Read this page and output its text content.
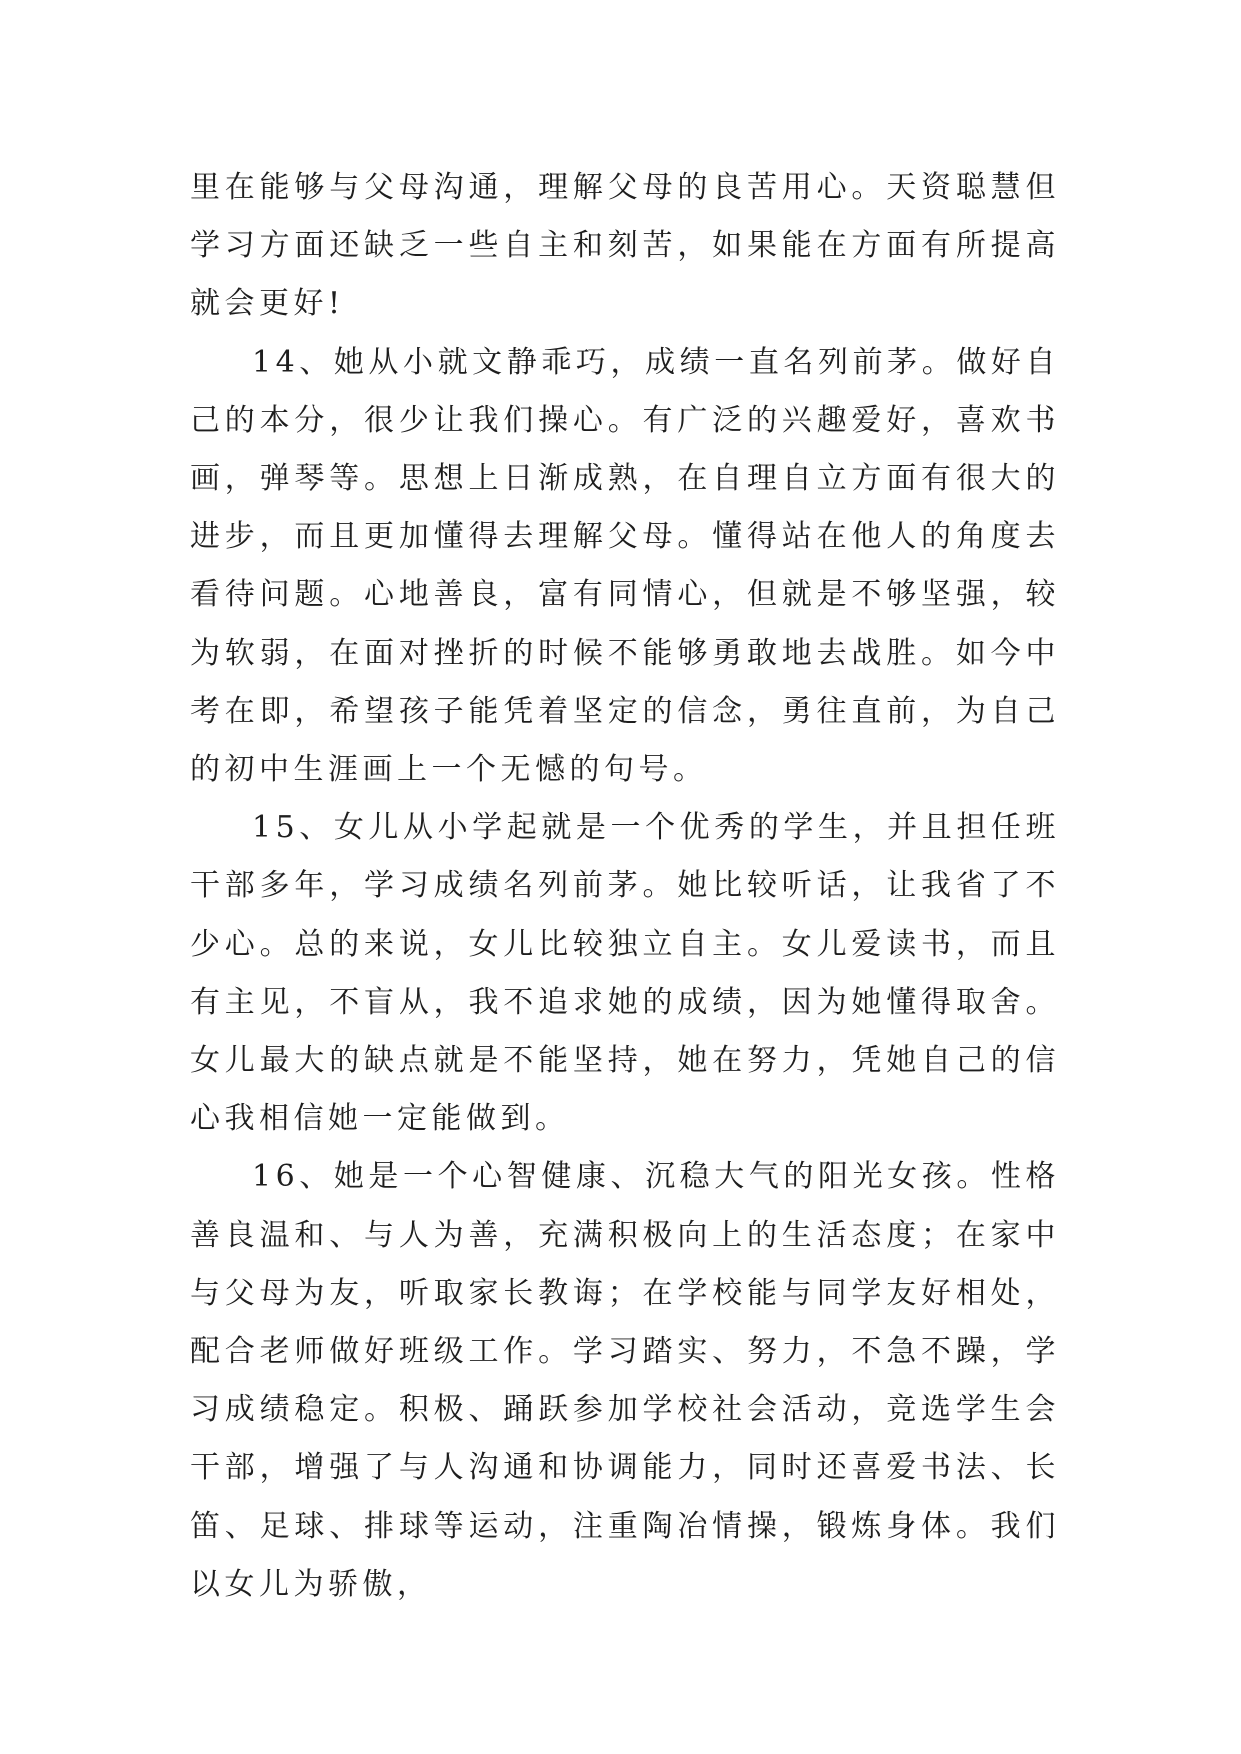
里在能够与父母沟通，理解父母的良苦用心。天资聪慧但学习方面还缺乏一些自主和刻苦，如果能在方面有所提高就会更好!

14、她从小就文静乖巧，成绩一直名列前茅。做好自己的本分，很少让我们操心。有广泛的兴趣爱好，喜欢书画，弹琴等。思想上日渐成熟，在自理自立方面有很大的进步，而且更加懂得去理解父母。懂得站在他人的角度去看待问题。心地善良，富有同情心，但就是不够坚强，较为软弱，在面对挫折的时候不能够勇敢地去战胜。如今中考在即，希望孩子能凭着坚定的信念，勇往直前，为自己的初中生涯画上一个无憾的句号。

15、女儿从小学起就是一个优秀的学生，并且担任班干部多年，学习成绩名列前茅。她比较听话，让我省了不少心。总的来说，女儿比较独立自主。女儿爱读书，而且有主见，不盲从，我不追求她的成绩，因为她懂得取舍。女儿最大的缺点就是不能坚持，她在努力，凭她自己的信心我相信她一定能做到。

16、她是一个心智健康、沉稳大气的阳光女孩。性格善良温和、与人为善，充满积极向上的生活态度；在家中与父母为友，听取家长教诲；在学校能与同学友好相处，配合老师做好班级工作。学习踏实、努力，不急不躁，学习成绩稳定。积极、踊跃参加学校社会活动，竞选学生会干部，增强了与人沟通和协调能力，同时还喜爱书法、长笛、足球、排球等运动，注重陶冶情操，锻炼身体。我们以女儿为骄傲，
